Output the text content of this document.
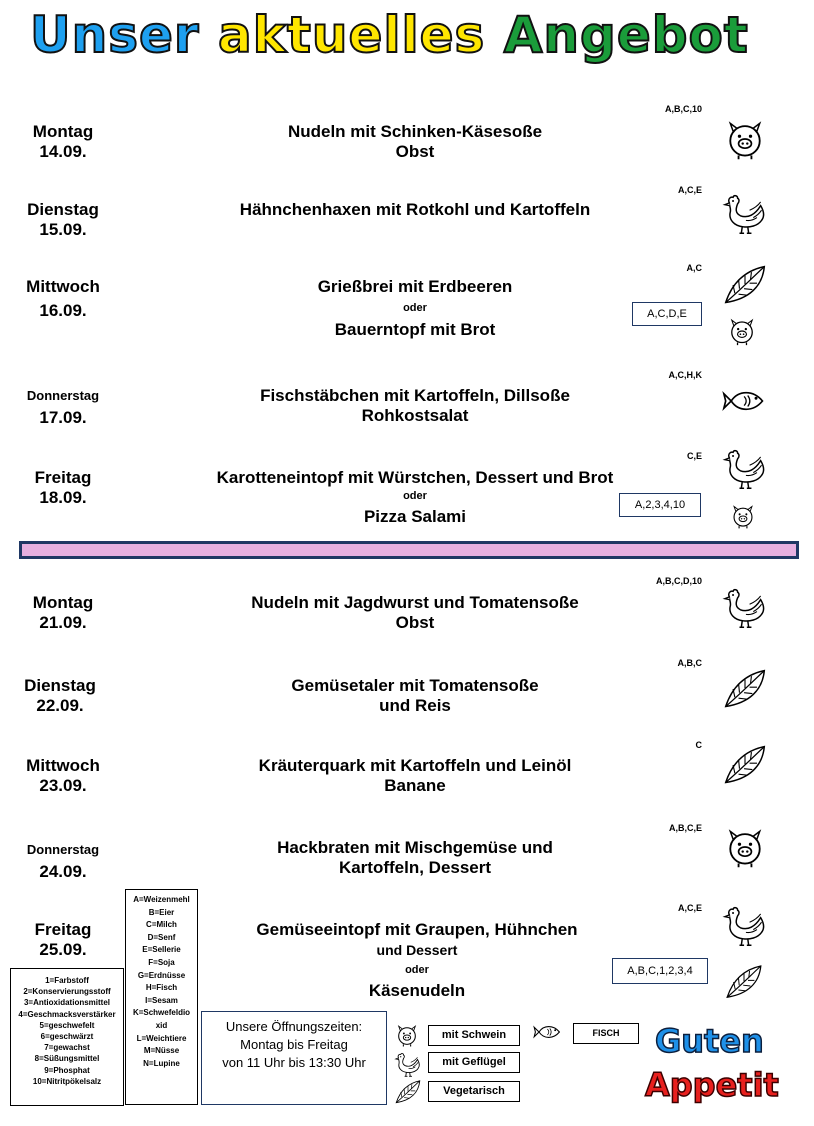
Unser aktuelles Angebot
A,B,C,10
Montag
14.09.
Nudeln mit Schinken-Käsesoße
Obst
A,C,E
Dienstag
15.09.
Hähnchenhaxen mit Rotkohl und Kartoffeln
A,C
Mittwoch
16.09.
Grießbrei mit Erdbeeren
oder
Bauerntopf mit Brot
A,C,D,E
A,C,H,K
Donnerstag
17.09.
Fischstäbchen mit Kartoffeln, Dillsoße
Rohkostsalat
C,E
Freitag
18.09.
Karotteneintopf mit Würstchen, Dessert und Brot
oder
Pizza Salami
A,2,3,4,10
A,B,C,D,10
Montag
21.09.
Nudeln mit Jagdwurst und Tomatensoße
Obst
A,B,C
Dienstag
22.09.
Gemüsetaler mit Tomatensoße
und Reis
C
Mittwoch
23.09.
Kräuterquark mit Kartoffeln und Leinöl
Banane
A,B,C,E
Donnerstag
24.09.
Hackbraten mit Mischgemüse und
Kartoffeln, Dessert
A,C,E
Freitag
25.09.
Gemüseeintopf mit Graupen, Hühnchen
und Dessert
oder
Käsenudeln
A,B,C,1,2,3,4
1=Farbstoff
2=Konservierungsstoff
3=Antioxidationsmittel
4=Geschmacksverstärker
5=geschwefelt
6=geschwärzt
7=gewachst
8=Süßungsmittel
9=Phosphat
10=Nitritpökelsalz
A=Weizenmehl
B=Eier
C=Milch
D=Senf
E=Sellerie
F=Soja
G=Erdnüsse
H=Fisch
I=Sesam
K=Schwefeldio
xid
L=Weichtiere
M=Nüsse
N=Lupine
Unsere Öffnungszeiten:
Montag bis Freitag
von 11 Uhr bis 13:30 Uhr
mit Schwein
mit Geflügel
Vegetarisch
FISCH	Guten
Appetit
